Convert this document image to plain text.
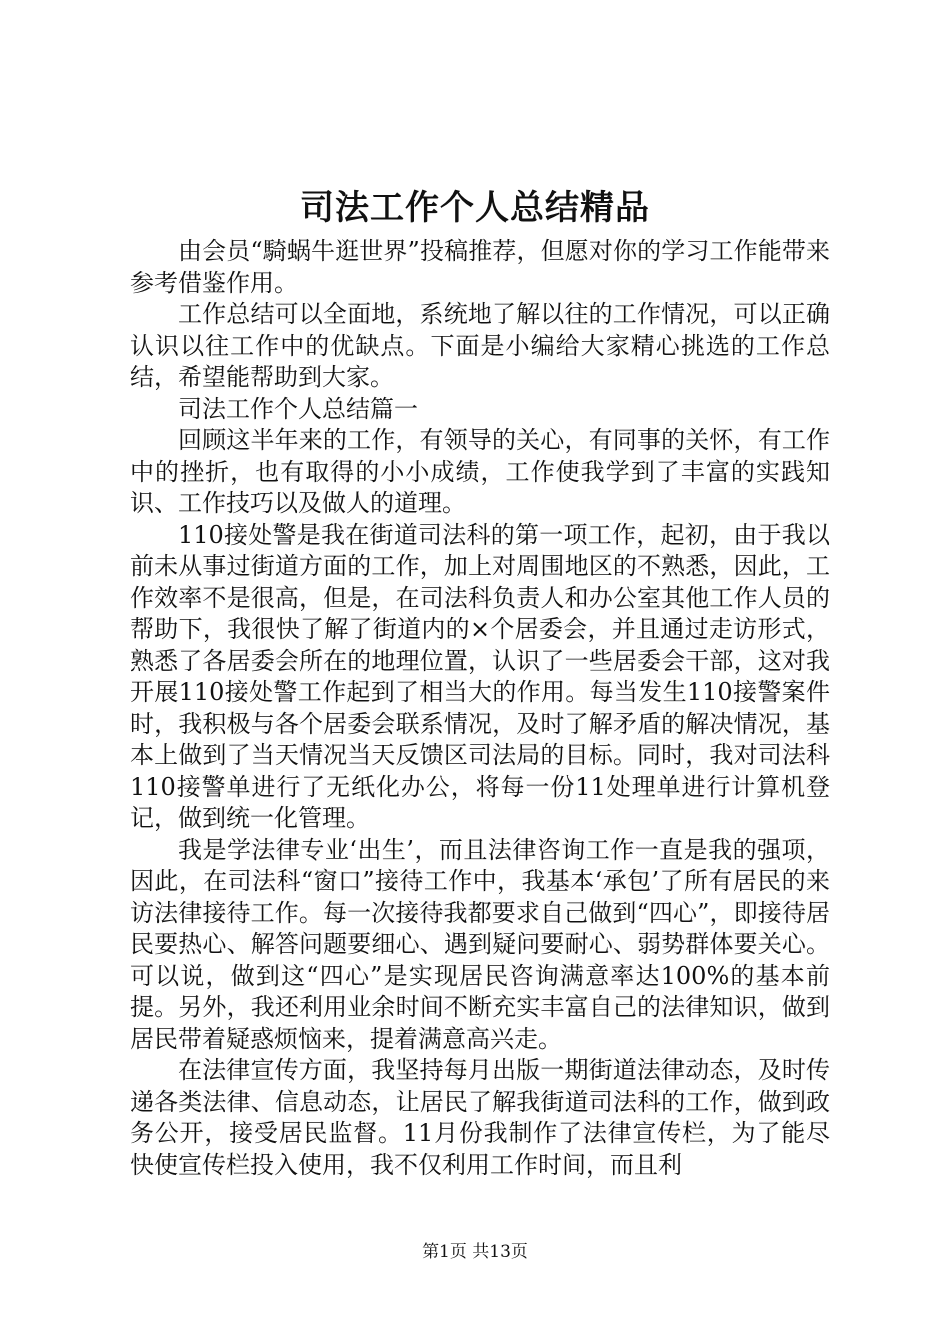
司法工作个人总结精品

由会员“騎蜗牛逛世界”投稿推荐，但愿对你的学习工作能带来参考借鉴作用。

工作总结可以全面地，系统地了解以往的工作情况，可以正确认识以往工作中的优缺点。下面是小编给大家精心挑选的工作总结，希望能帮助到大家。

司法工作个人总结篇一

回顾这半年来的工作，有领导的关心，有同事的关怀，有工作中的挫折，也有取得的小小成绩，工作使我学到了丰富的实践知识、工作技巧以及做人的道理。

110接处警是我在街道司法科的第一项工作，起初，由于我以前未从事过街道方面的工作，加上对周围地区的不熟悉，因此，工作效率不是很高，但是，在司法科负责人和办公室其他工作人员的帮助下，我很快了解了街道内的×个居委会，并且通过走访形式，熟悉了各居委会所在的地理位置，认识了一些居委会干部，这对我开展110接处警工作起到了相当大的作用。每当发生110接警案件时，我积极与各个居委会联系情况，及时了解矛盾的解决情况，基本上做到了当天情况当天反馈区司法局的目标。同时，我对司法科110接警单进行了无纸化办公，将每一份11处理单进行计算机登记，做到统一化管理。

我是学法律专业‘出生’，而且法律咨询工作一直是我的强项，因此，在司法科“窗口”接待工作中，我基本‘承包’了所有居民的来访法律接待工作。每一次接待我都要求自己做到“四心”，即接待居民要热心、解答问题要细心、遇到疑问要耐心、弱势群体要关心。可以说，做到这“四心”是实现居民咨询满意率达100%的基本前提。另外，我还利用业余时间不断充实丰富自己的法律知识，做到居民带着疑惑烦恼来，提着满意高兴走。

在法律宣传方面，我坚持每月出版一期街道法律动态，及时传递各类法律、信息动态，让居民了解我街道司法科的工作，做到政务公开，接受居民监督。11月份我制作了法律宣传栏，为了能尽快使宣传栏投入使用，我不仅利用工作时间，而且利

第1页 共13页
